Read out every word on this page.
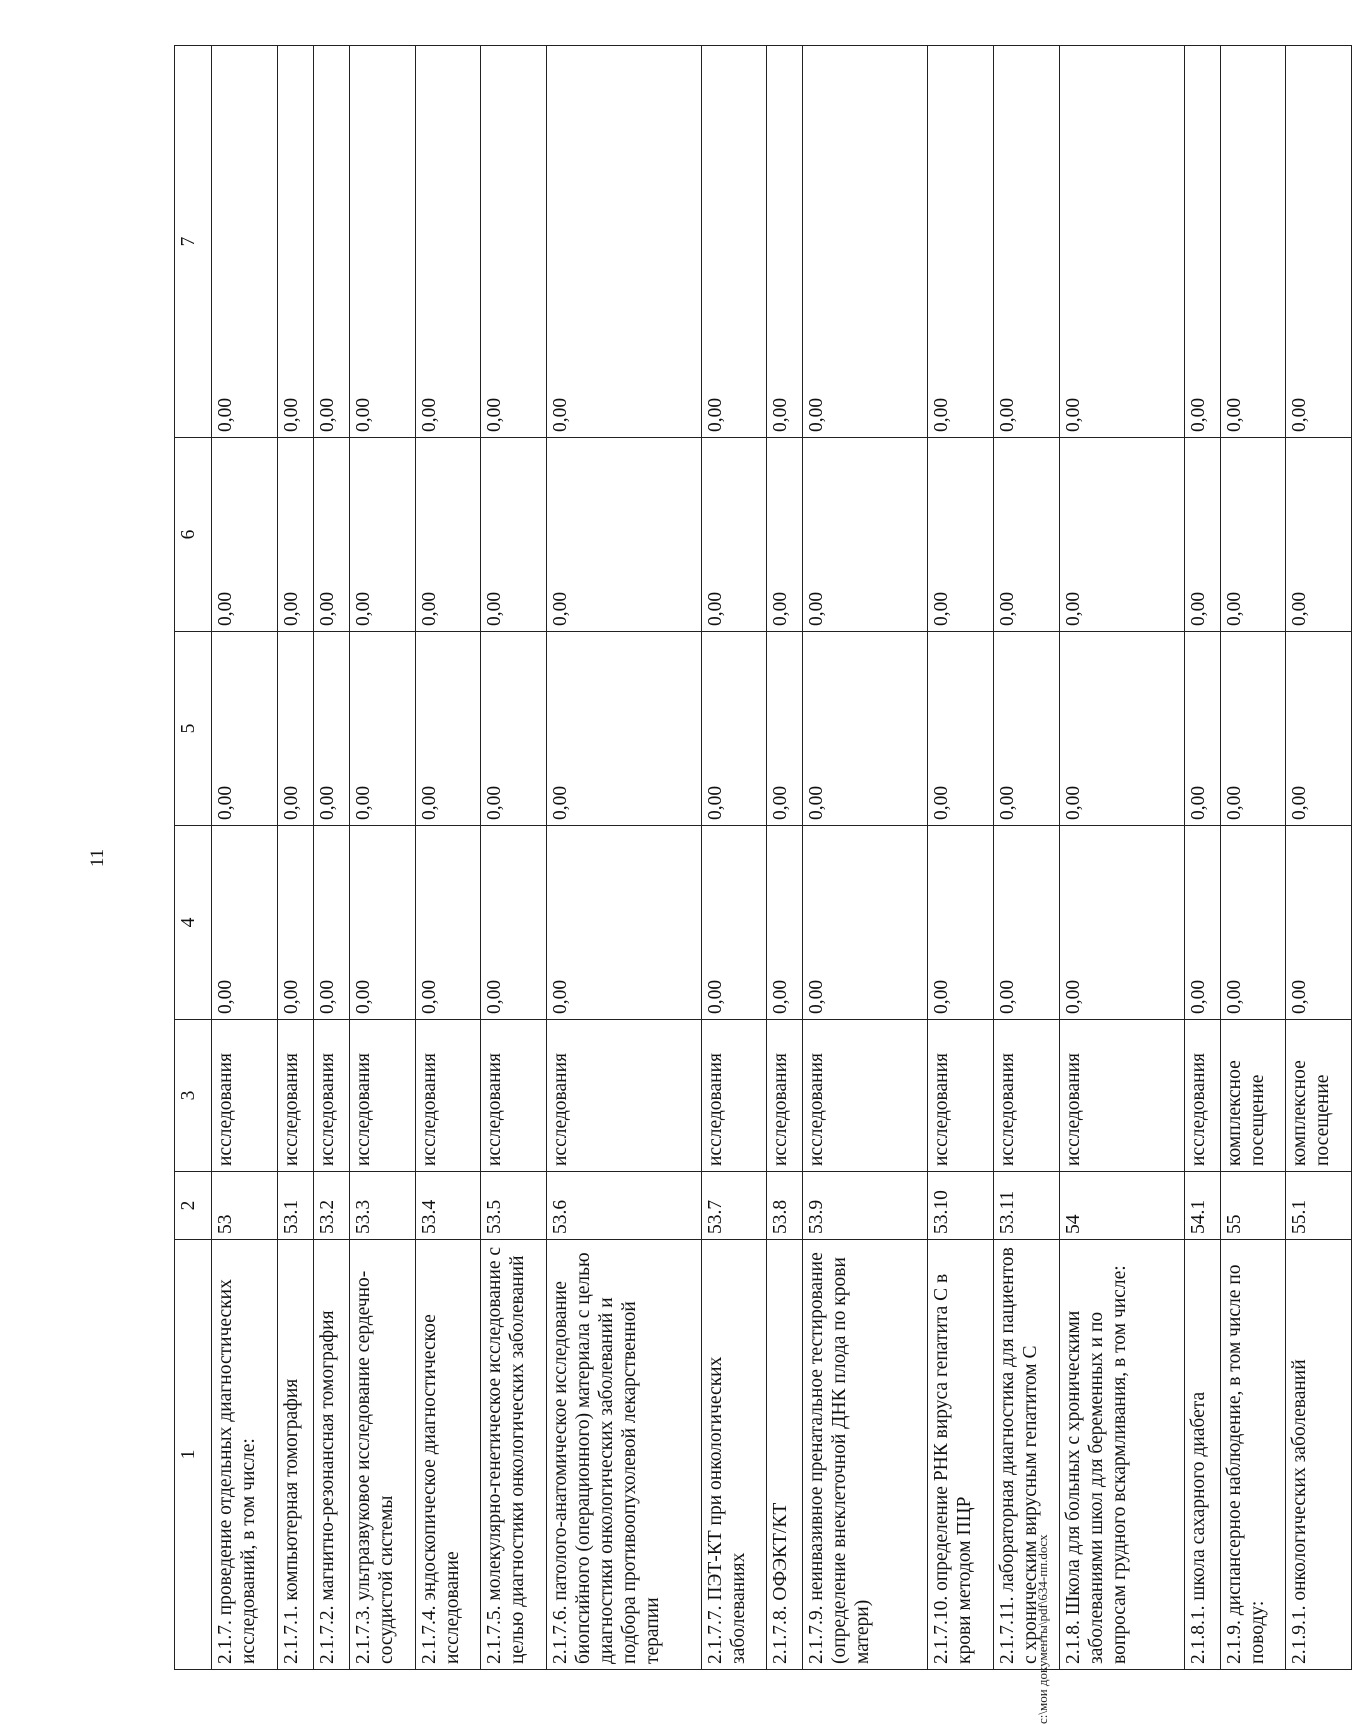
11
1	2	3	4	5	6	7
2.1.7. проведение отдельных диагностических исследований, в том числе:	53	исследования	0,00	0,00	0,00	0,00
2.1.7.1. компьютерная томография	53.1	исследования	0,00	0,00	0,00	0,00
2.1.7.2. магнитно-резонансная томография	53.2	исследования	0,00	0,00	0,00	0,00
2.1.7.3. ультразвуковое исследование сердечно-сосудистой системы	53.3	исследования	0,00	0,00	0,00	0,00
2.1.7.4. эндоскопическое диагностическое исследование	53.4	исследования	0,00	0,00	0,00	0,00
2.1.7.5. молекулярно-генетическое исследование с целью диагностики онкологических заболеваний	53.5	исследования	0,00	0,00	0,00	0,00
2.1.7.6. патолого-анатомическое исследование биопсийного (операционного) материала с целью диагностики онкологических заболеваний и подбора противоопухолевой лекарственной терапии	53.6	исследования	0,00	0,00	0,00	0,00
2.1.7.7. ПЭТ-КТ при онкологических заболеваниях	53.7	исследования	0,00	0,00	0,00	0,00
2.1.7.8. ОФЭКТ/КТ	53.8	исследования	0,00	0,00	0,00	0,00
2.1.7.9. неинвазивное пренатальное тестирование (определение внеклеточной ДНК плода по крови матери)	53.9	исследования	0,00	0,00	0,00	0,00
2.1.7.10. определение РНК вируса гепатита С в крови методом ПЦР	53.10	исследования	0,00	0,00	0,00	0,00
2.1.7.11. лабораторная диагностика для пациентов с хроническим вирусным гепатитом С	53.11	исследования	0,00	0,00	0,00	0,00
2.1.8. Школа для больных с хроническими заболеваниями школ для беременных и по вопросам грудного вскармливания, в том числе:	54	исследования	0,00	0,00	0,00	0,00
2.1.8.1. школа сахарного диабета	54.1	исследования	0,00	0,00	0,00	0,00
2.1.9. диспансерное наблюдение, в том числе по поводу:	55	комплексное посещение	0,00	0,00	0,00	0,00
2.1.9.1. онкологических заболеваний	55.1	комплексное посещение	0,00	0,00	0,00	0,00
c:\мои документы\pdf\634-пп.docx
